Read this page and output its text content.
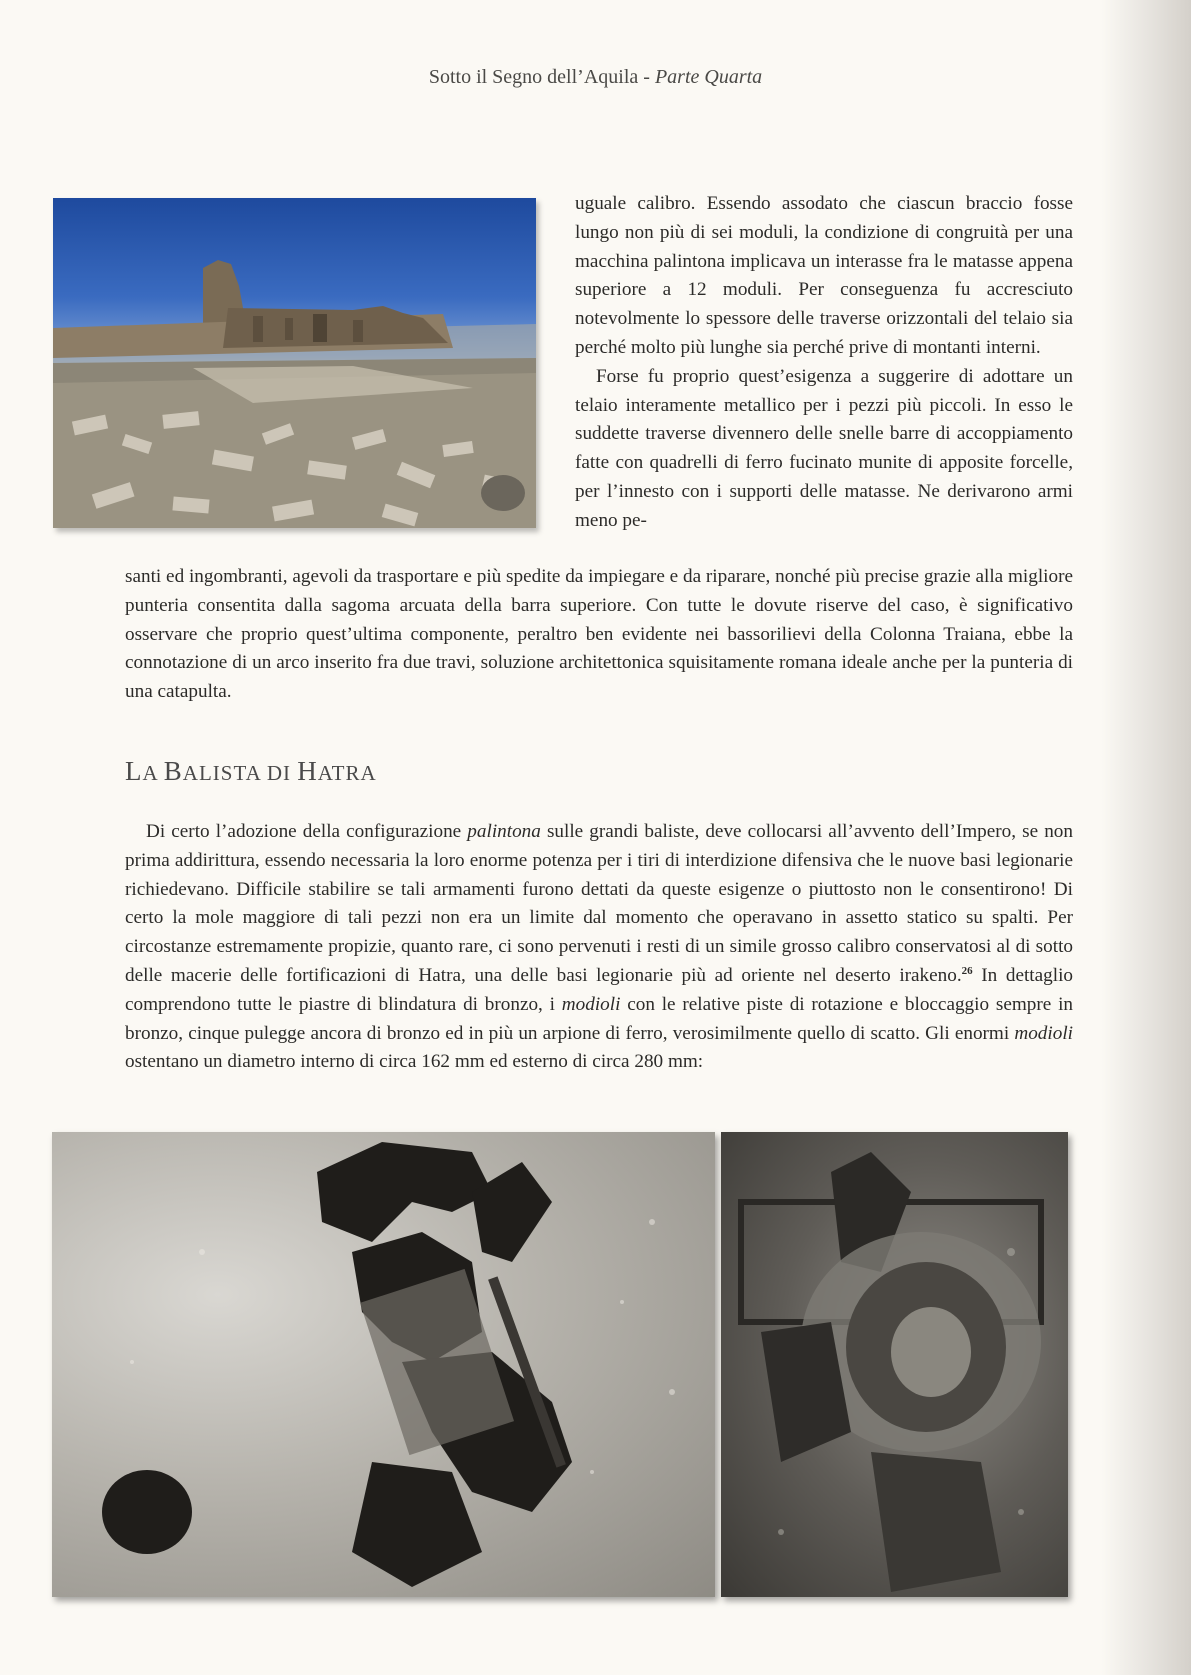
Sotto il Segno dell’Aquila - Parte Quarta

uguale calibro. Essendo assodato che ciascun braccio fosse lungo non più di sei moduli, la condizione di congruità per una macchina palintona implicava un interasse fra le matasse appena superiore a 12 moduli. Per conseguenza fu accresciuto notevolmente lo spessore delle traverse orizzontali del telaio sia perché molto più lunghe sia perché prive di montanti interni.

Forse fu proprio quest’esigenza a suggerire di adottare un telaio interamente metallico per i pezzi più piccoli. In esso le suddette traverse divennero delle snelle barre di accoppiamento fatte con quadrelli di ferro fucinato munite di apposite forcelle, per l’innesto con i supporti delle matasse. Ne derivarono armi meno pe-

santi ed ingombranti, agevoli da trasportare e più spedite da impiegare e da riparare, nonché più precise grazie alla migliore punteria consentita dalla sagoma arcuata della barra superiore. Con tutte le dovute riserve del caso, è significativo osservare che proprio quest’ultima componente, peraltro ben evidente nei bassorilievi della Colonna Traiana, ebbe la connotazione di un arco inserito fra due travi, soluzione architettonica squisitamente romana ideale anche per la punteria di una catapulta.

LA BALISTA DI HATRA

Di certo l’adozione della configurazione palintona sulle grandi baliste, deve collocarsi all’avvento dell’Impero, se non prima addirittura, essendo necessaria la loro enorme potenza per i tiri di interdizione difensiva che le nuove basi legionarie richiedevano. Difficile stabilire se tali armamenti furono dettati da queste esigenze o piuttosto non le consentirono! Di certo la mole maggiore di tali pezzi non era un limite dal momento che operavano in assetto statico su spalti. Per circostanze estremamente propizie, quanto rare, ci sono pervenuti i resti di un simile grosso calibro conservatosi al di sotto delle macerie delle fortificazioni di Hatra, una delle basi legionarie più ad oriente nel deserto irakeno.$^{26}$ In dettaglio comprendono tutte le piastre di blindatura di bronzo, i modioli con le relative piste di rotazione e bloccaggio sempre in bronzo, cinque pulegge ancora di bronzo ed in più un arpione di ferro, verosimilmente quello di scatto. Gli enormi modioli ostentano un diametro interno di circa 162 mm ed esterno di circa 280 mm:
